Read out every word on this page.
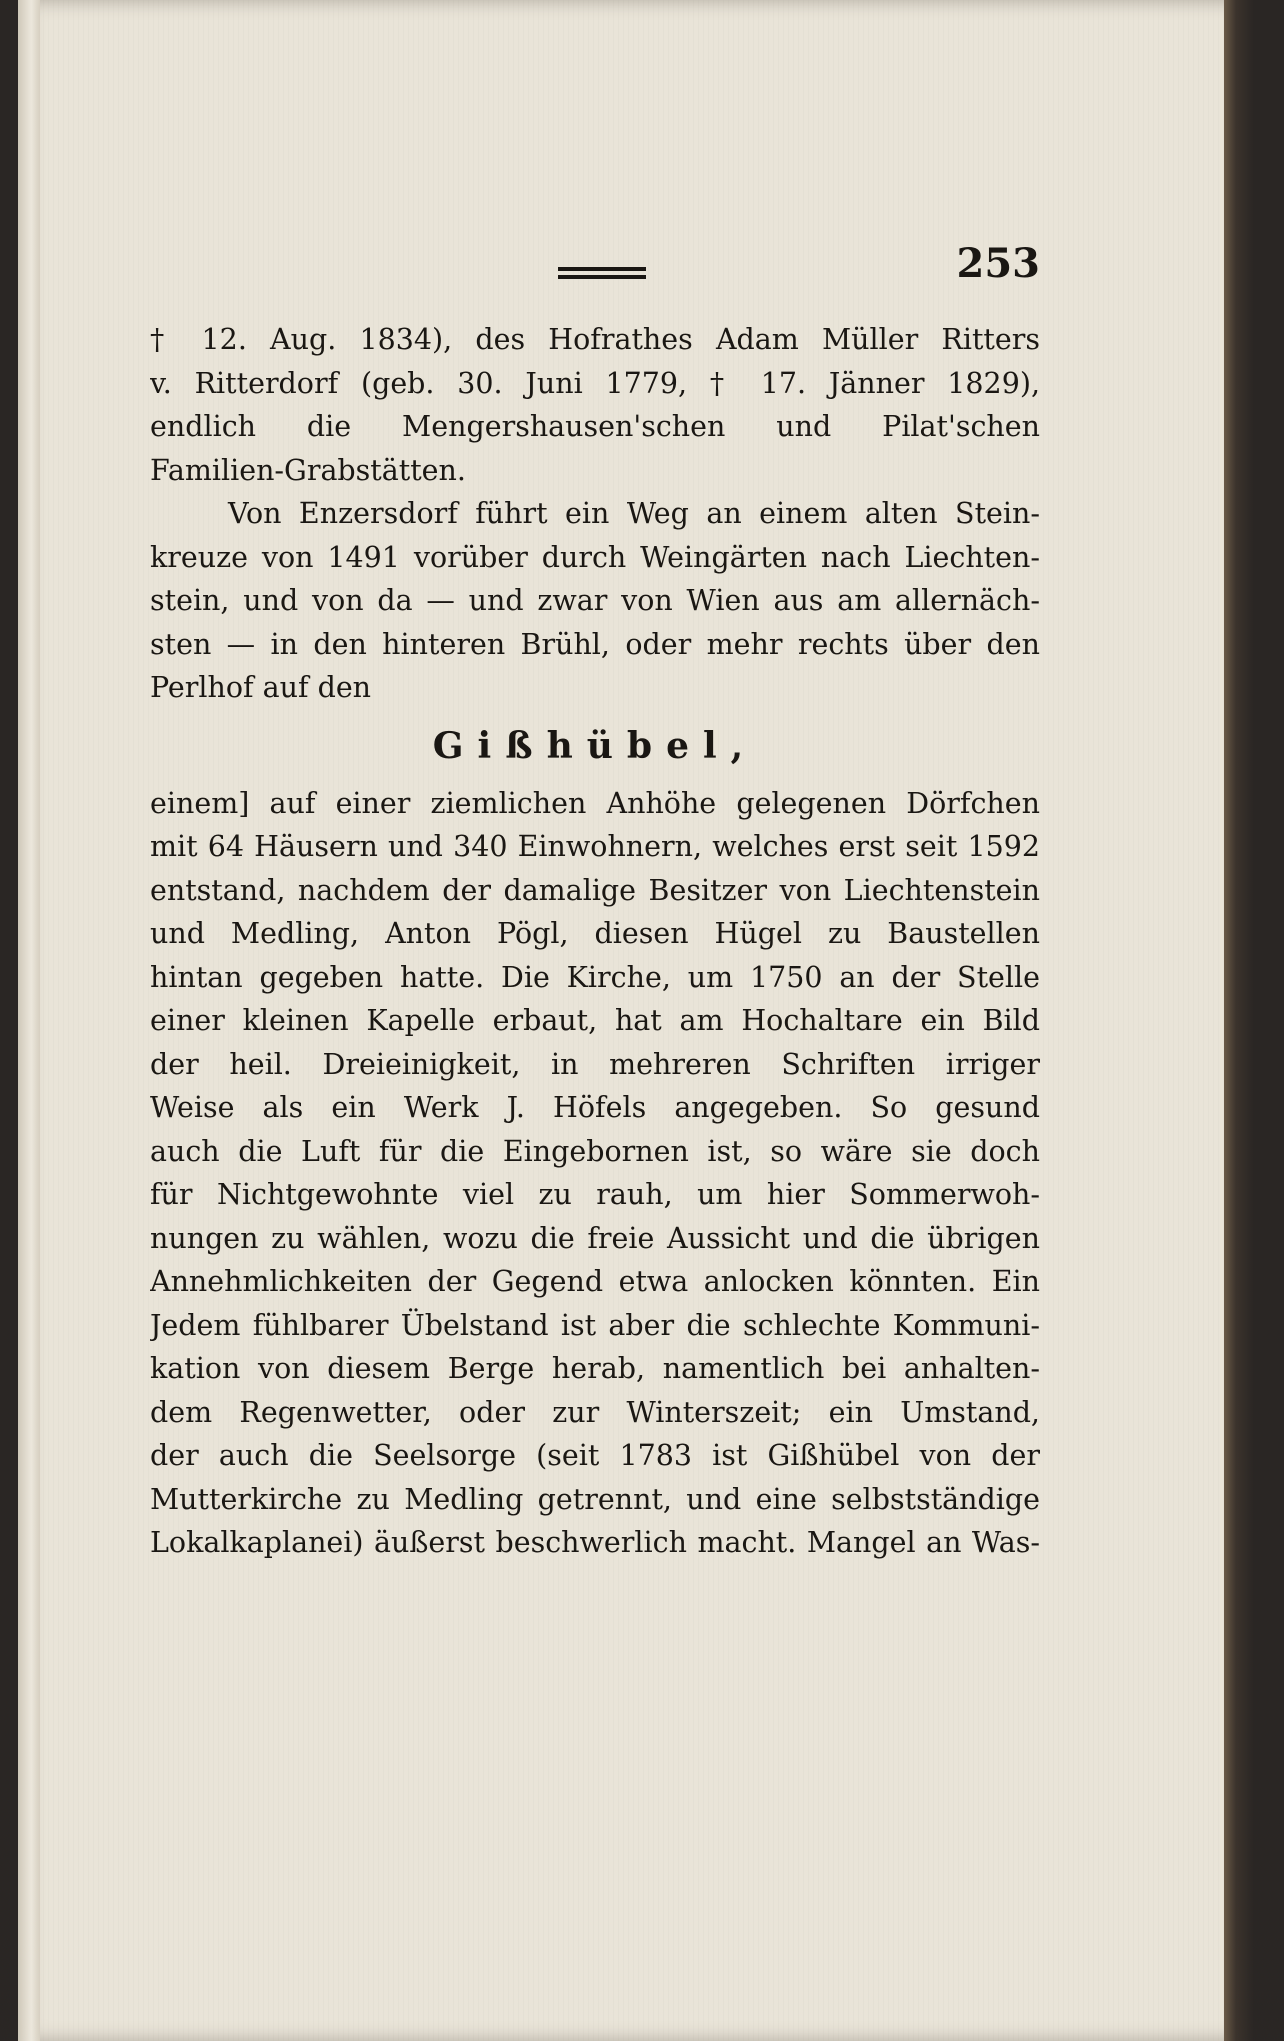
253
† 12. Aug. 1834), des Hofrathes Adam Müller Ritters
v. Ritterdorf (geb. 30. Juni 1779, † 17. Jänner 1829),
endlich die Mengershausen'schen und Pilat'schen
Familien-Grabstätten.
Von Enzersdorf führt ein Weg an einem alten Stein-
kreuze von 1491 vorüber durch Weingärten nach Liechten-
stein, und von da — und zwar von Wien aus am allernäch-
sten — in den hinteren Brühl, oder mehr rechts über den
Perlhof auf den
Gißhübel,
einem] auf einer ziemlichen Anhöhe gelegenen Dörfchen
mit 64 Häusern und 340 Einwohnern, welches erst seit 1592
entstand, nachdem der damalige Besitzer von Liechtenstein
und Medling, Anton Pögl, diesen Hügel zu Baustellen
hintan gegeben hatte. Die Kirche, um 1750 an der Stelle
einer kleinen Kapelle erbaut, hat am Hochaltare ein Bild
der heil. Dreieinigkeit, in mehreren Schriften irriger
Weise als ein Werk J. Höfels angegeben. So gesund
auch die Luft für die Eingebornen ist, so wäre sie doch
für Nichtgewohnte viel zu rauh, um hier Sommerwoh-
nungen zu wählen, wozu die freie Aussicht und die übrigen
Annehmlichkeiten der Gegend etwa anlocken könnten. Ein
Jedem fühlbarer Übelstand ist aber die schlechte Kommuni-
kation von diesem Berge herab, namentlich bei anhalten-
dem Regenwetter, oder zur Winterszeit; ein Umstand,
der auch die Seelsorge (seit 1783 ist Gißhübel von der
Mutterkirche zu Medling getrennt, und eine selbstständige
Lokalkaplanei) äußerst beschwerlich macht. Mangel an Was-
